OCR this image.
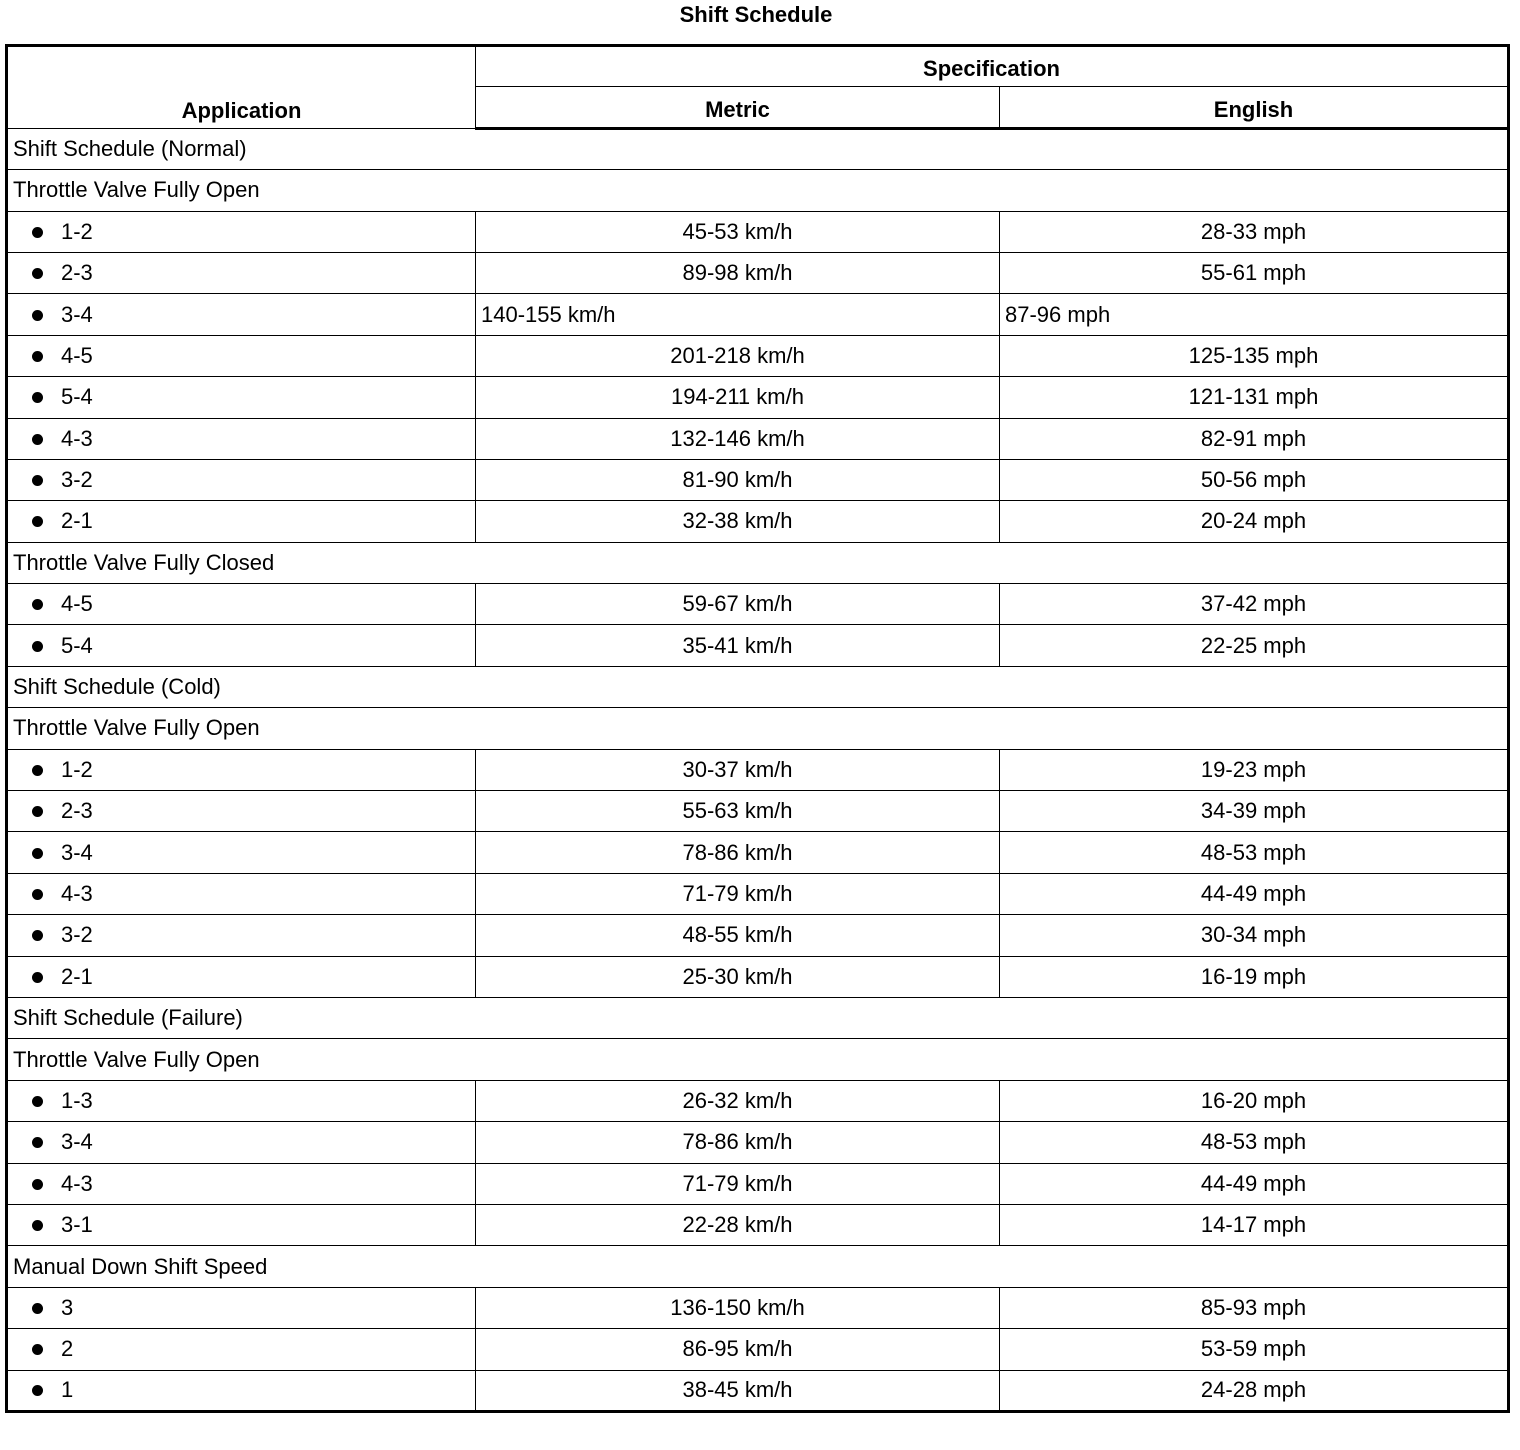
Shift Schedule
Application	Specification	
	Metric	English
Shift Schedule (Normal)		
Throttle Valve Fully Open		
1-2	45-53 km/h	28-33 mph
2-3	89-98 km/h	55-61 mph
3-4	140-155 km/h	87-96 mph
4-5	201-218 km/h	125-135 mph
5-4	194-211 km/h	121-131 mph
4-3	132-146 km/h	82-91 mph
3-2	81-90 km/h	50-56 mph
2-1	32-38 km/h	20-24 mph
Throttle Valve Fully Closed		
4-5	59-67 km/h	37-42 mph
5-4	35-41 km/h	22-25 mph
Shift Schedule (Cold)		
Throttle Valve Fully Open		
1-2	30-37 km/h	19-23 mph
2-3	55-63 km/h	34-39 mph
3-4	78-86 km/h	48-53 mph
4-3	71-79 km/h	44-49 mph
3-2	48-55 km/h	30-34 mph
2-1	25-30 km/h	16-19 mph
Shift Schedule (Failure)		
Throttle Valve Fully Open		
1-3	26-32 km/h	16-20 mph
3-4	78-86 km/h	48-53 mph
4-3	71-79 km/h	44-49 mph
3-1	22-28 km/h	14-17 mph
Manual Down Shift Speed		
3	136-150 km/h	85-93 mph
2	86-95 km/h	53-59 mph
1	38-45 km/h	24-28 mph
